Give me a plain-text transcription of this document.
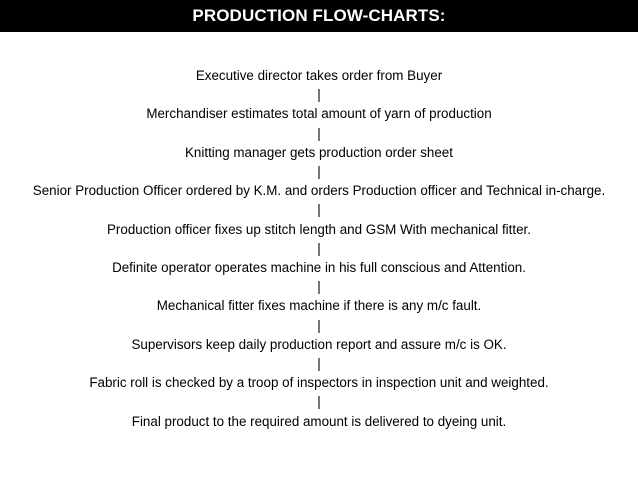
PRODUCTION FLOW-CHARTS:
Executive director takes order from Buyer
|
Merchandiser estimates total amount of yarn of production
|
Knitting manager gets production order sheet
|
Senior Production Officer ordered by K.M. and orders Production officer and Technical in-charge.
|
Production officer fixes up stitch length and GSM With mechanical fitter.
|
Definite operator operates machine in his full conscious and Attention.
|
Mechanical fitter fixes machine if there is any m/c fault.
|
Supervisors keep daily production report and assure m/c is OK.
|
Fabric roll is checked by a troop of inspectors in inspection unit and weighted.
|
Final product to the required amount is delivered to dyeing unit.
